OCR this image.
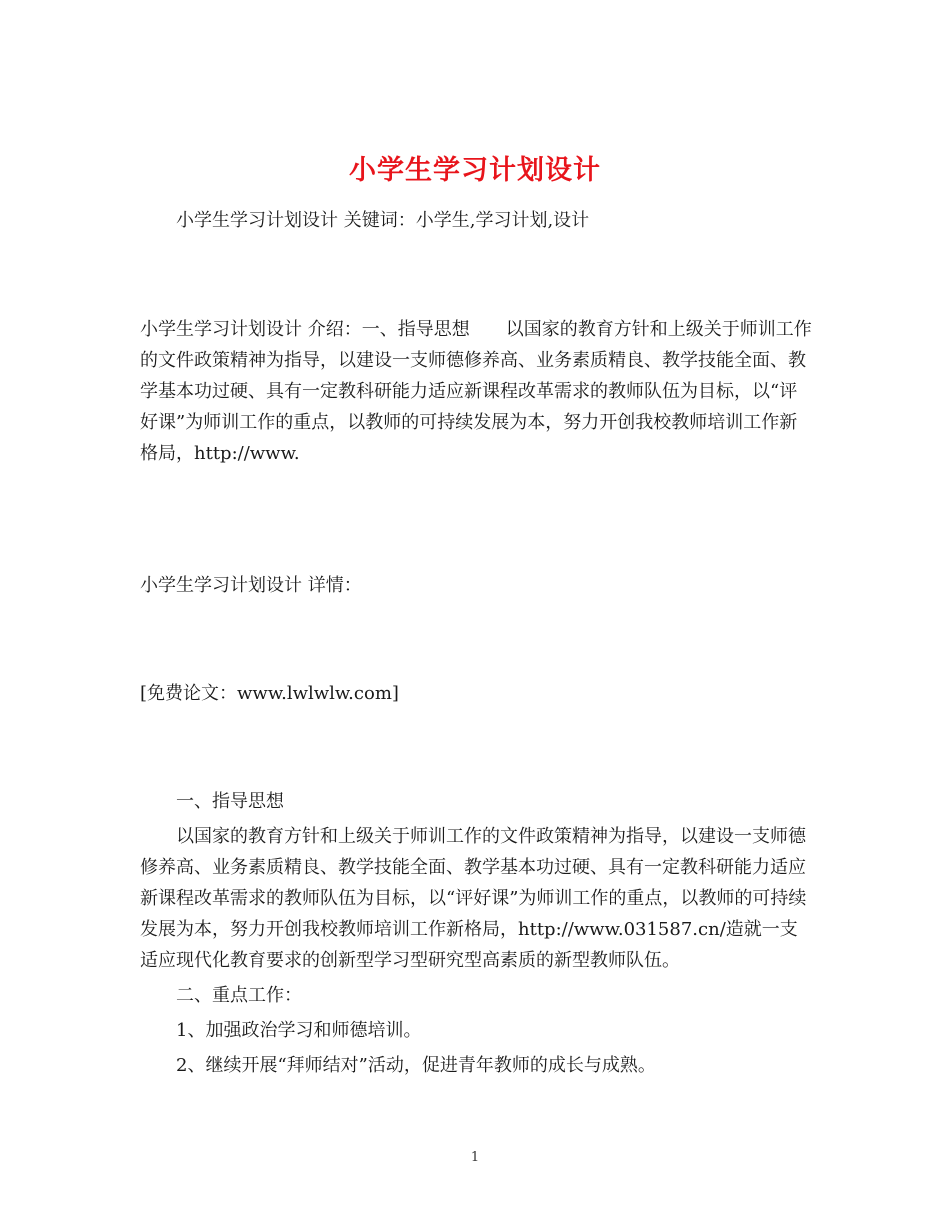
小学生学习计划设计

小学生学习计划设计 关键词：小学生,学习计划,设计

小学生学习计划设计 介绍：一、指导思想　　以国家的教育方针和上级关于师训工作的文件政策精神为指导，以建设一支师德修养高、业务素质精良、教学技能全面、教学基本功过硬、具有一定教科研能力适应新课程改革需求的教师队伍为目标，以“评好课”为师训工作的重点，以教师的可持续发展为本，努力开创我校教师培训工作新格局，http://www.

小学生学习计划设计 详情：

[免费论文：www.lwlwlw.com]

一、指导思想

以国家的教育方针和上级关于师训工作的文件政策精神为指导，以建设一支师德修养高、业务素质精良、教学技能全面、教学基本功过硬、具有一定教科研能力适应新课程改革需求的教师队伍为目标，以“评好课”为师训工作的重点，以教师的可持续发展为本，努力开创我校教师培训工作新格局，http://www.031587.cn/造就一支适应现代化教育要求的创新型学习型研究型高素质的新型教师队伍。

二、重点工作：

1、加强政治学习和师德培训。

2、继续开展“拜师结对”活动，促进青年教师的成长与成熟。

1
